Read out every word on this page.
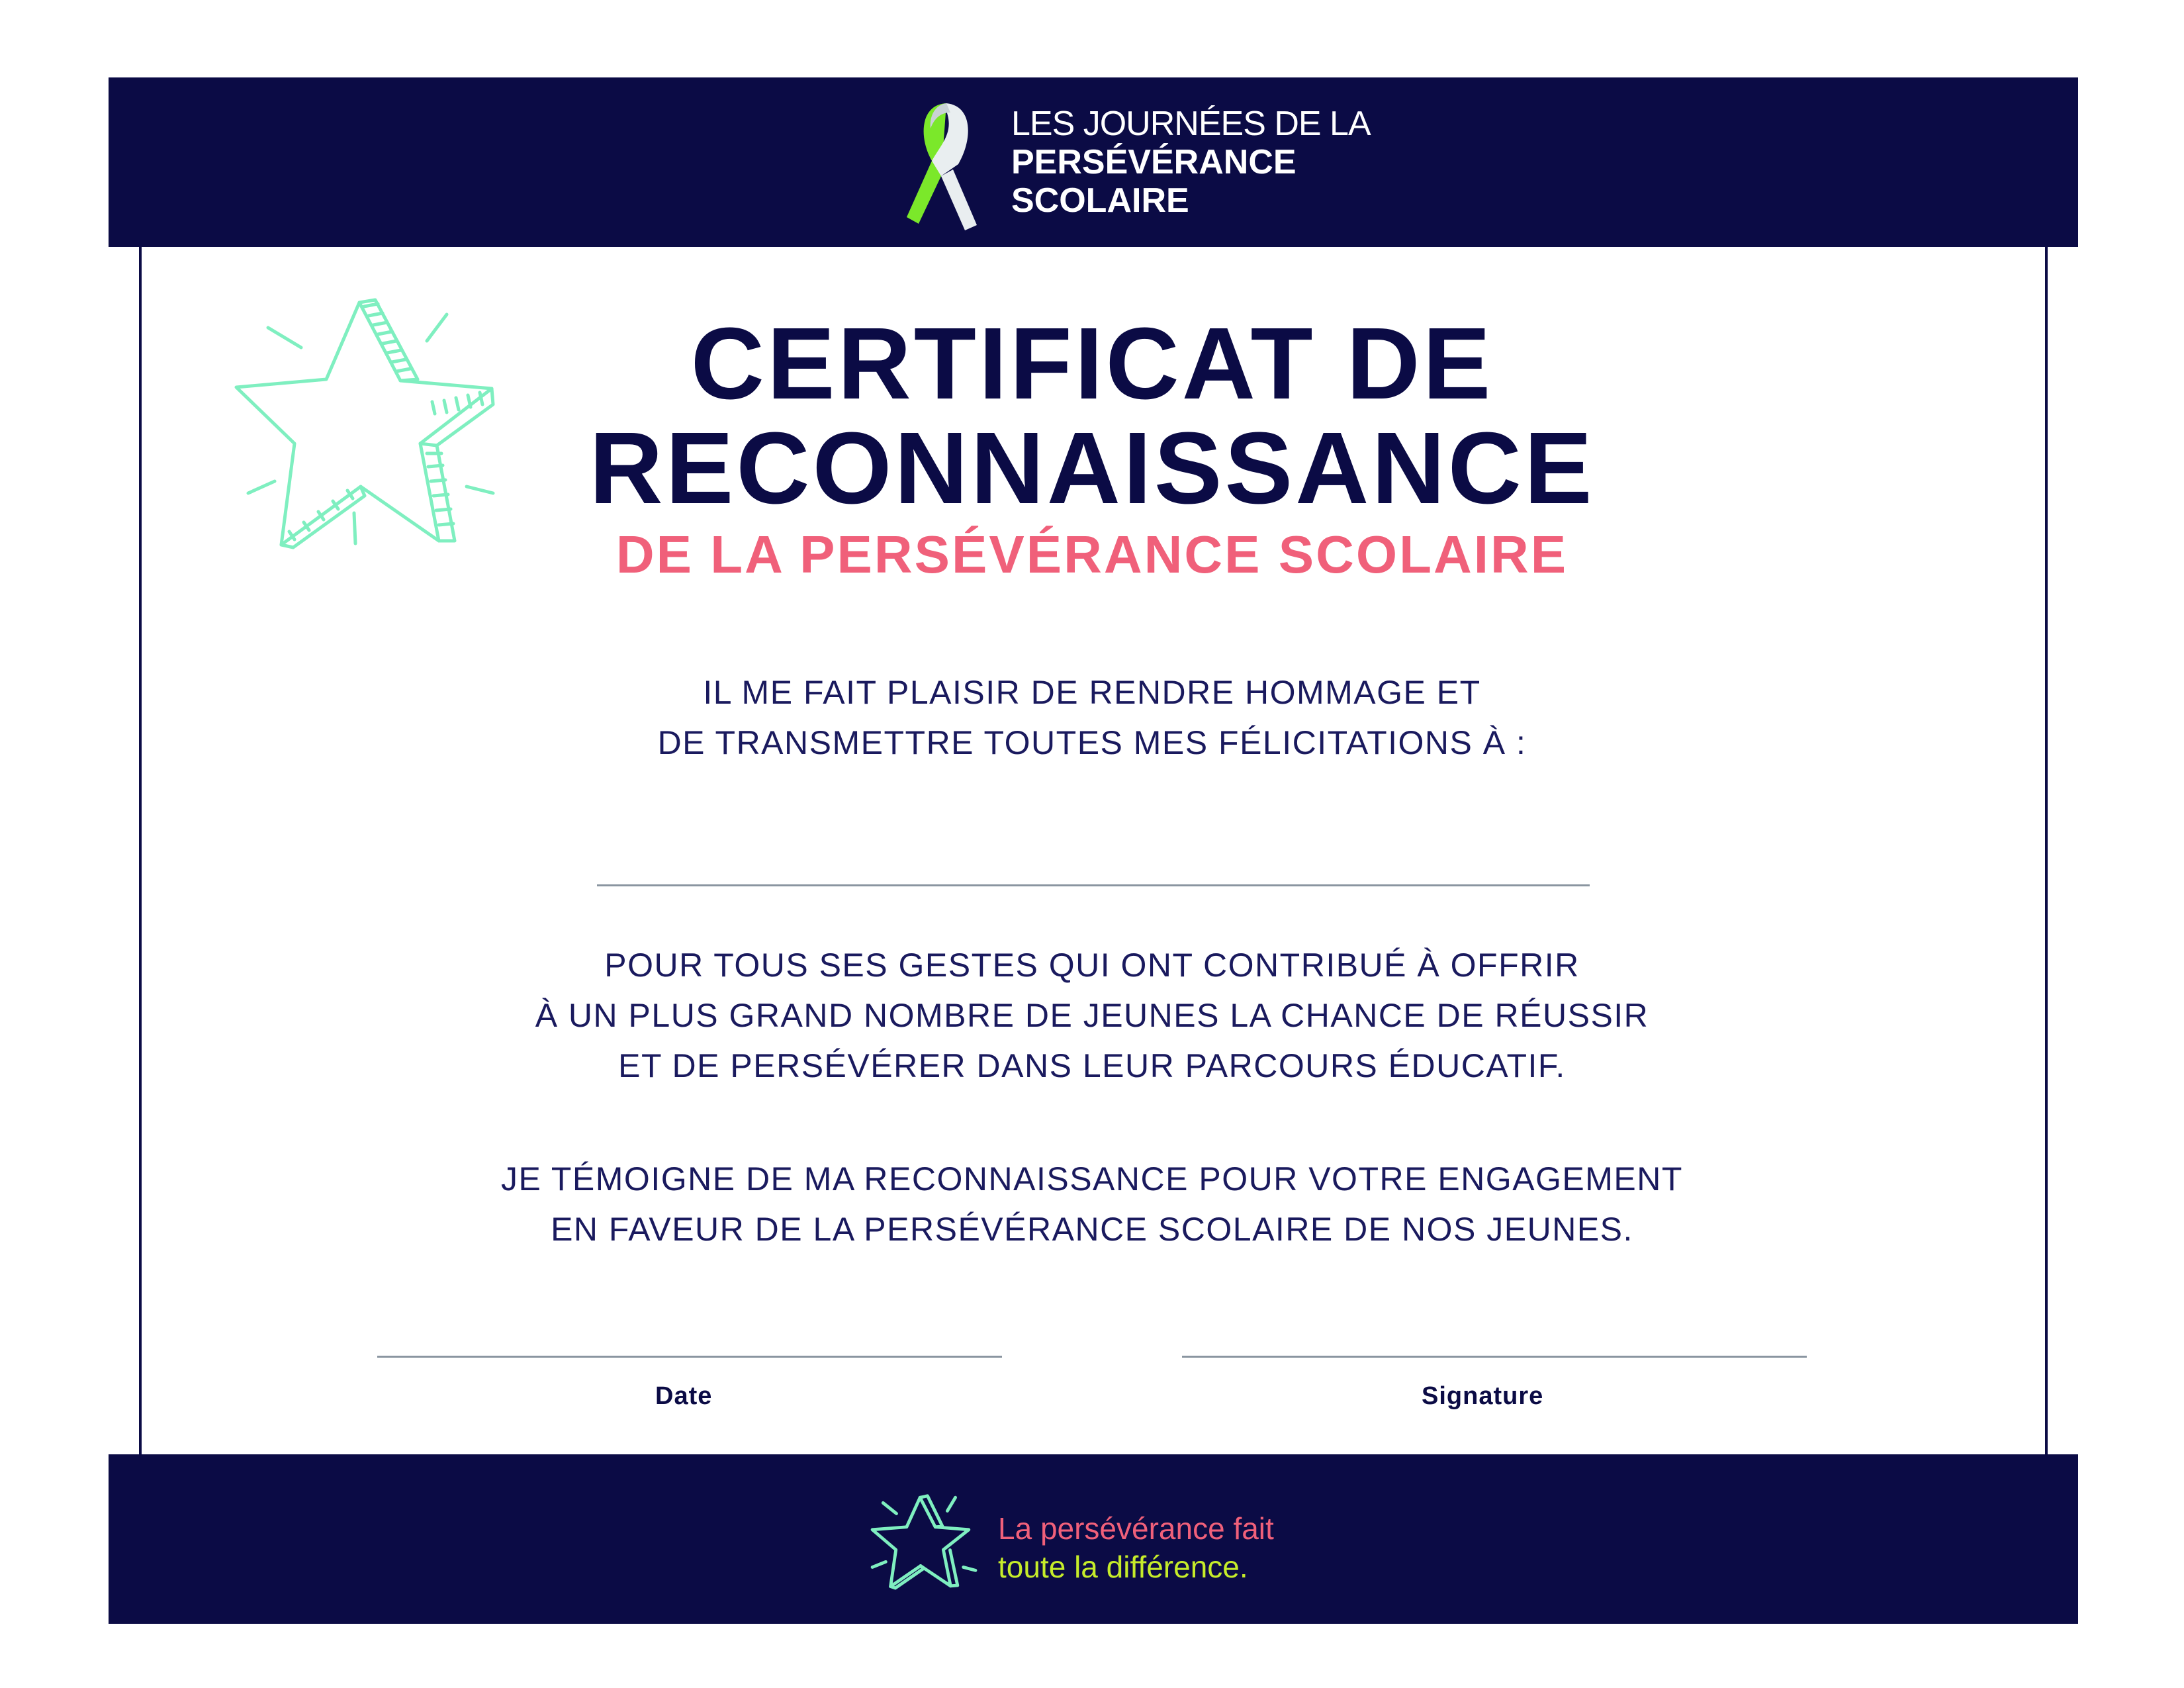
LES JOURNÉES DE LA
PERSÉVÉRANCE
SCOLAIRE
CERTIFICAT DE
RECONNAISSANCE
DE LA PERSÉVÉRANCE SCOLAIRE
IL ME FAIT PLAISIR DE RENDRE HOMMAGE ET
DE TRANSMETTRE TOUTES MES FÉLICITATIONS À :
POUR TOUS SES GESTES QUI ONT CONTRIBUÉ À OFFRIR
À UN PLUS GRAND NOMBRE DE JEUNES LA CHANCE DE RÉUSSIR
ET DE PERSÉVÉRER DANS LEUR PARCOURS ÉDUCATIF.
JE TÉMOIGNE DE MA RECONNAISSANCE POUR VOTRE ENGAGEMENT
EN FAVEUR DE LA PERSÉVÉRANCE SCOLAIRE DE NOS JEUNES.
Date	Signature
La persévérance fait
toute la différence.
